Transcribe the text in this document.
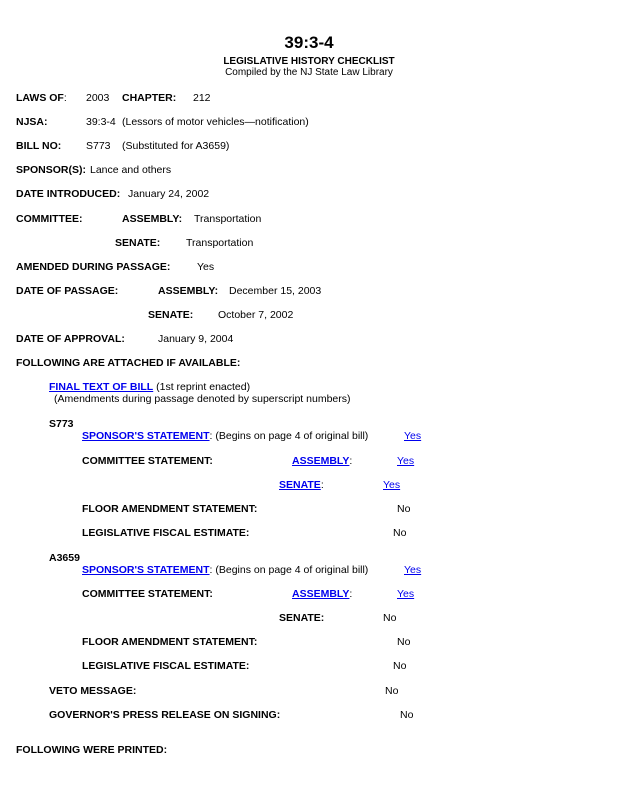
39:3-4
LEGISLATIVE HISTORY CHECKLIST
Compiled by the NJ State Law Library
LAWS OF: 2003 CHAPTER: 212
NJSA:	39:3-4 (Lessors of motor vehicles—notification)
BILL NO: S773 (Substituted for A3659)
SPONSOR(S): Lance and others
DATE INTRODUCED: January 24, 2002
COMMITTEE:	ASSEMBLY: Transportation
SENATE: Transportation
AMENDED DURING PASSAGE:	Yes
DATE OF PASSAGE:	ASSEMBLY: December 15, 2003
SENATE: October 7, 2002
DATE OF APPROVAL:	January 9, 2004
FOLLOWING ARE ATTACHED IF AVAILABLE:
FINAL TEXT OF BILL (1st reprint enacted)
(Amendments during passage denoted by superscript numbers)
S773
SPONSOR'S STATEMENT: (Begins on page 4 of original bill)	Yes
COMMITTEE STATEMENT:	ASSEMBLY:	Yes
SENATE:	Yes
FLOOR AMENDMENT STATEMENT:	No
LEGISLATIVE FISCAL ESTIMATE:	No
A3659
SPONSOR'S STATEMENT: (Begins on page 4 of original bill)	Yes
COMMITTEE STATEMENT:	ASSEMBLY:	Yes
SENATE:	No
FLOOR AMENDMENT STATEMENT:	No
LEGISLATIVE FISCAL ESTIMATE:	No
VETO MESSAGE:	No
GOVERNOR'S PRESS RELEASE ON SIGNING:	No
FOLLOWING WERE PRINTED:
